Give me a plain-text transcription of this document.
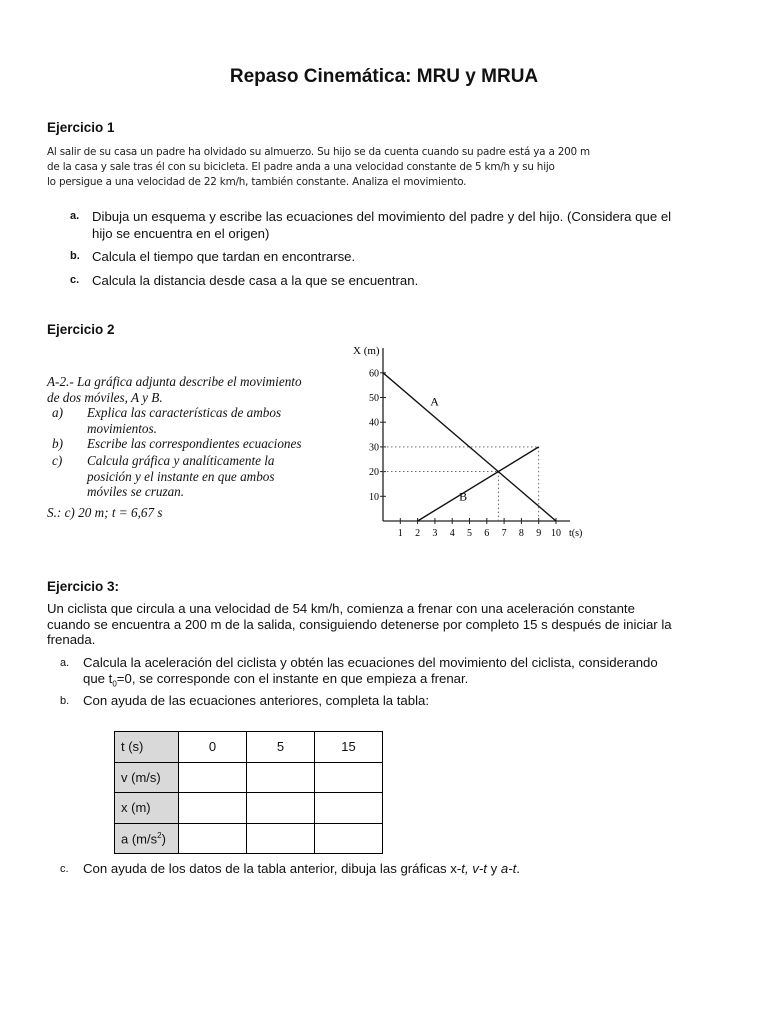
Repaso Cinemática: MRU y MRUA
Ejercicio 1
Al salir de su casa un padre ha olvidado su almuerzo. Su hijo se da cuenta cuando su padre está ya a 200 m
de la casa y sale tras él con su bicicleta. El padre anda a una velocidad constante de 5 km/h y su hijo
lo persigue a una velocidad de 22 km/h, también constante. Analiza el movimiento.
a. Dibuja un esquema y escribe las ecuaciones del movimiento del padre y del hijo. (Considera que el
hijo se encuentra en el origen)
b. Calcula el tiempo que tardan en encontrarse.
c. Calcula la distancia desde casa a la que se encuentran.
Ejercicio 2
A-2.- La gráfica adjunta describe el movimiento
de dos móviles, A y B.
a) Explica las características de ambos
movimientos.
b) Escribe las correspondientes ecuaciones
c) Calcula gráfica y analíticamente la
posición y el instante en que ambos
móviles se cruzan.
S.: c) 20 m; t = 6,67 s
X (m)
t(s)
10
20
30
40
50
60
1 2 3 4 5 6 7 8 9 10
A
B
Ejercicio 3:
Un ciclista que circula a una velocidad de 54 km/h, comienza a frenar con una aceleración constante
cuando se encuentra a 200 m de la salida, consiguiendo detenerse por completo 15 s después de iniciar la
frenada.
a. Calcula la aceleración del ciclista y obtén las ecuaciones del movimiento del ciclista, considerando
que $t_0=0$, se corresponde con el instante en que empieza a frenar.
b. Con ayuda de las ecuaciones anteriores, completa la tabla:
t (s)	0	5	15
v (m/s)			
x (m)			
a $(m/s^2)$			
c. Con ayuda de los datos de la tabla anterior, dibuja las gráficas x-t, v-t y a-t.
